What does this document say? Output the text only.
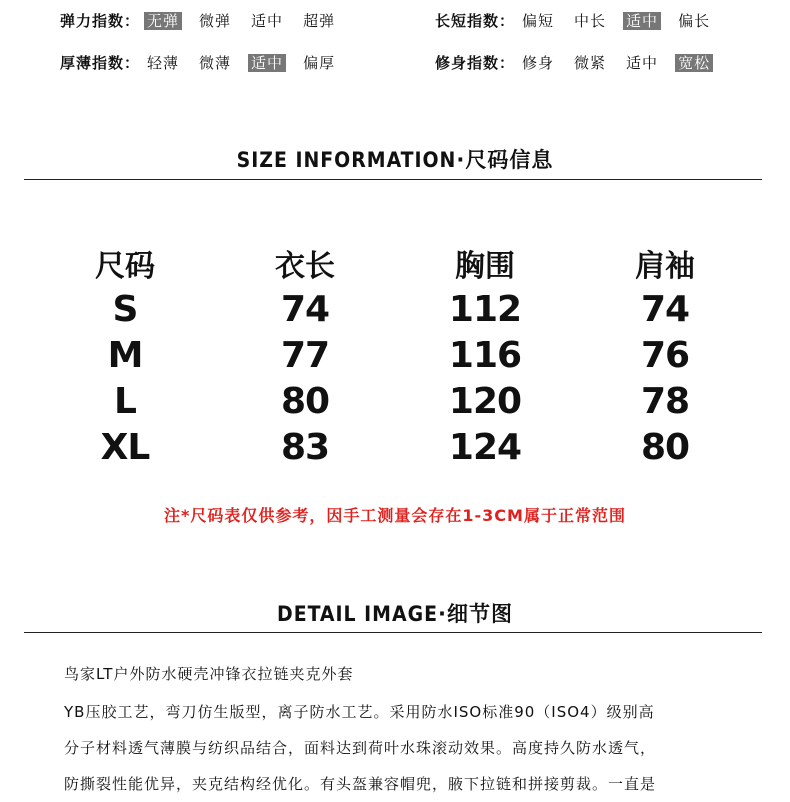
弹力指数： 无弹 微弹 适中 超弹	长短指数： 偏短 中长 适中 偏长
厚薄指数： 轻薄 微薄 适中 偏厚	修身指数： 修身 微紧 适中 宽松
SIZE INFORMATION·尺码信息
尺码	衣长	胸围	肩袖
S	74	112	74
M	77	116	76
L	80	120	78
XL	83	124	80
注*尺码表仅供参考，因手工测量会存在1-3CM属于正常范围
DETAIL IMAGE·细节图

鸟家LT户外防水硬壳冲锋衣拉链夹克外套

YB压胶工艺，弯刀仿生版型，离子防水工艺。采用防水ISO标准90（ISO4）级别高

分子材料透气薄膜与纺织品结合，面料达到荷叶水珠滚动效果。高度持久防水透气，

防撕裂性能优异，夹克结构经优化。有头盔兼容帽兜，腋下拉链和拼接剪裁。一直是
